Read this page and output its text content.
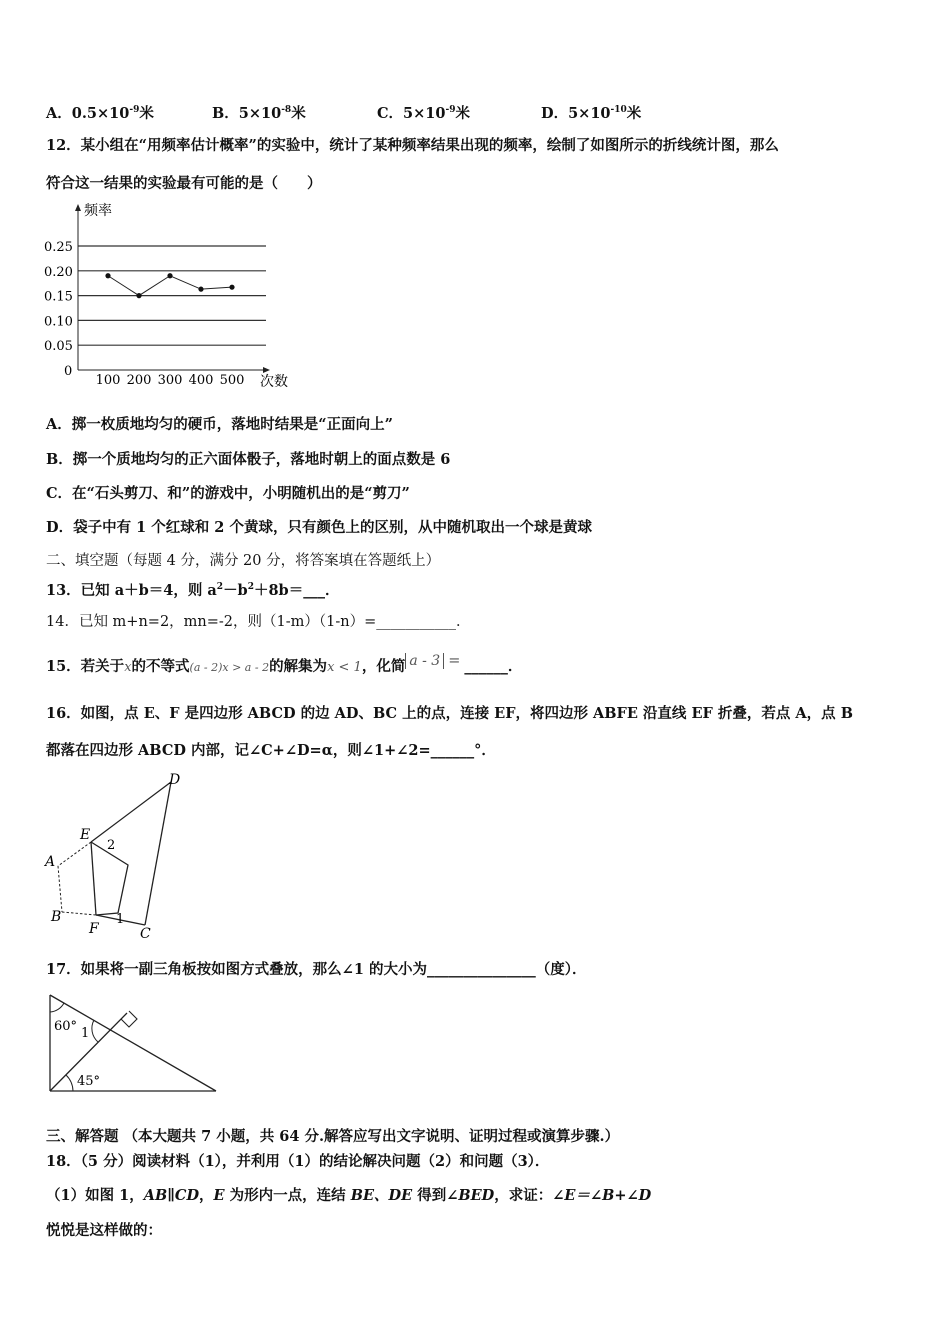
A．$0.5\times 10^{-9}$米	B．$5\times 10^{-8}$米	C．$5\times 10^{-9}$米	D．$5\times 10^{-10}$米
12．某小组在“用频率估计概率”的实验中，统计了某种频率结果出现的频率，绘制了如图所示的折线统计图，那么
符合这一结果的实验最有可能的是（　　）
频率
次数
0
0.25
0.20
0.15
0.10
0.05
100 200 300 400 500
A．掷一枚质地均匀的硬币，落地时结果是“正面向上”
B．掷一个质地均匀的正六面体骰子，落地时朝上的面点数是 6
C．在“石头剪刀、和”的游戏中，小明随机出的是“剪刀”
D．袋子中有 1 个红球和 2 个黄球，只有颜色上的区别，从中随机取出一个球是黄球
二、填空题（每题 4 分，满分 20 分，将答案填在答题纸上）
13．已知 a＋b＝4，则 $a^2-b^2+8b=\_\_\_$．
14．已知 m+n=2，mn=-2，则（1-m）（1-n）=___________．
15．若关于x的不等式(a - 2)x > a - 2的解集为x < 1，化简 a - 3 = ______．
16．如图，点 E、F 是四边形 ABCD 的边 AD、BC 上的点，连接 EF，将四边形 ABFE 沿直线 EF 折叠，若点 A，点 B
都落在四边形 ABCD 内部，记∠C+∠D=α，则∠1+∠2=______°．
D
E
2
A
B	1
F	C
17．如果将一副三角板按如图方式叠放，那么∠1 的大小为_______________（度）．
60° 1
45°
三、解答题 （本大题共 7 小题，共 64 分.解答应写出文字说明、证明过程或演算步骤.）
18．（5 分）阅读材料（1），并利用（1）的结论解决问题（2）和问题（3）．
（1）如图 1，AB∥CD，E 为形内一点，连结 BE、DE 得到∠BED，求证：∠E＝∠B+∠D
悦悦是这样做的：
